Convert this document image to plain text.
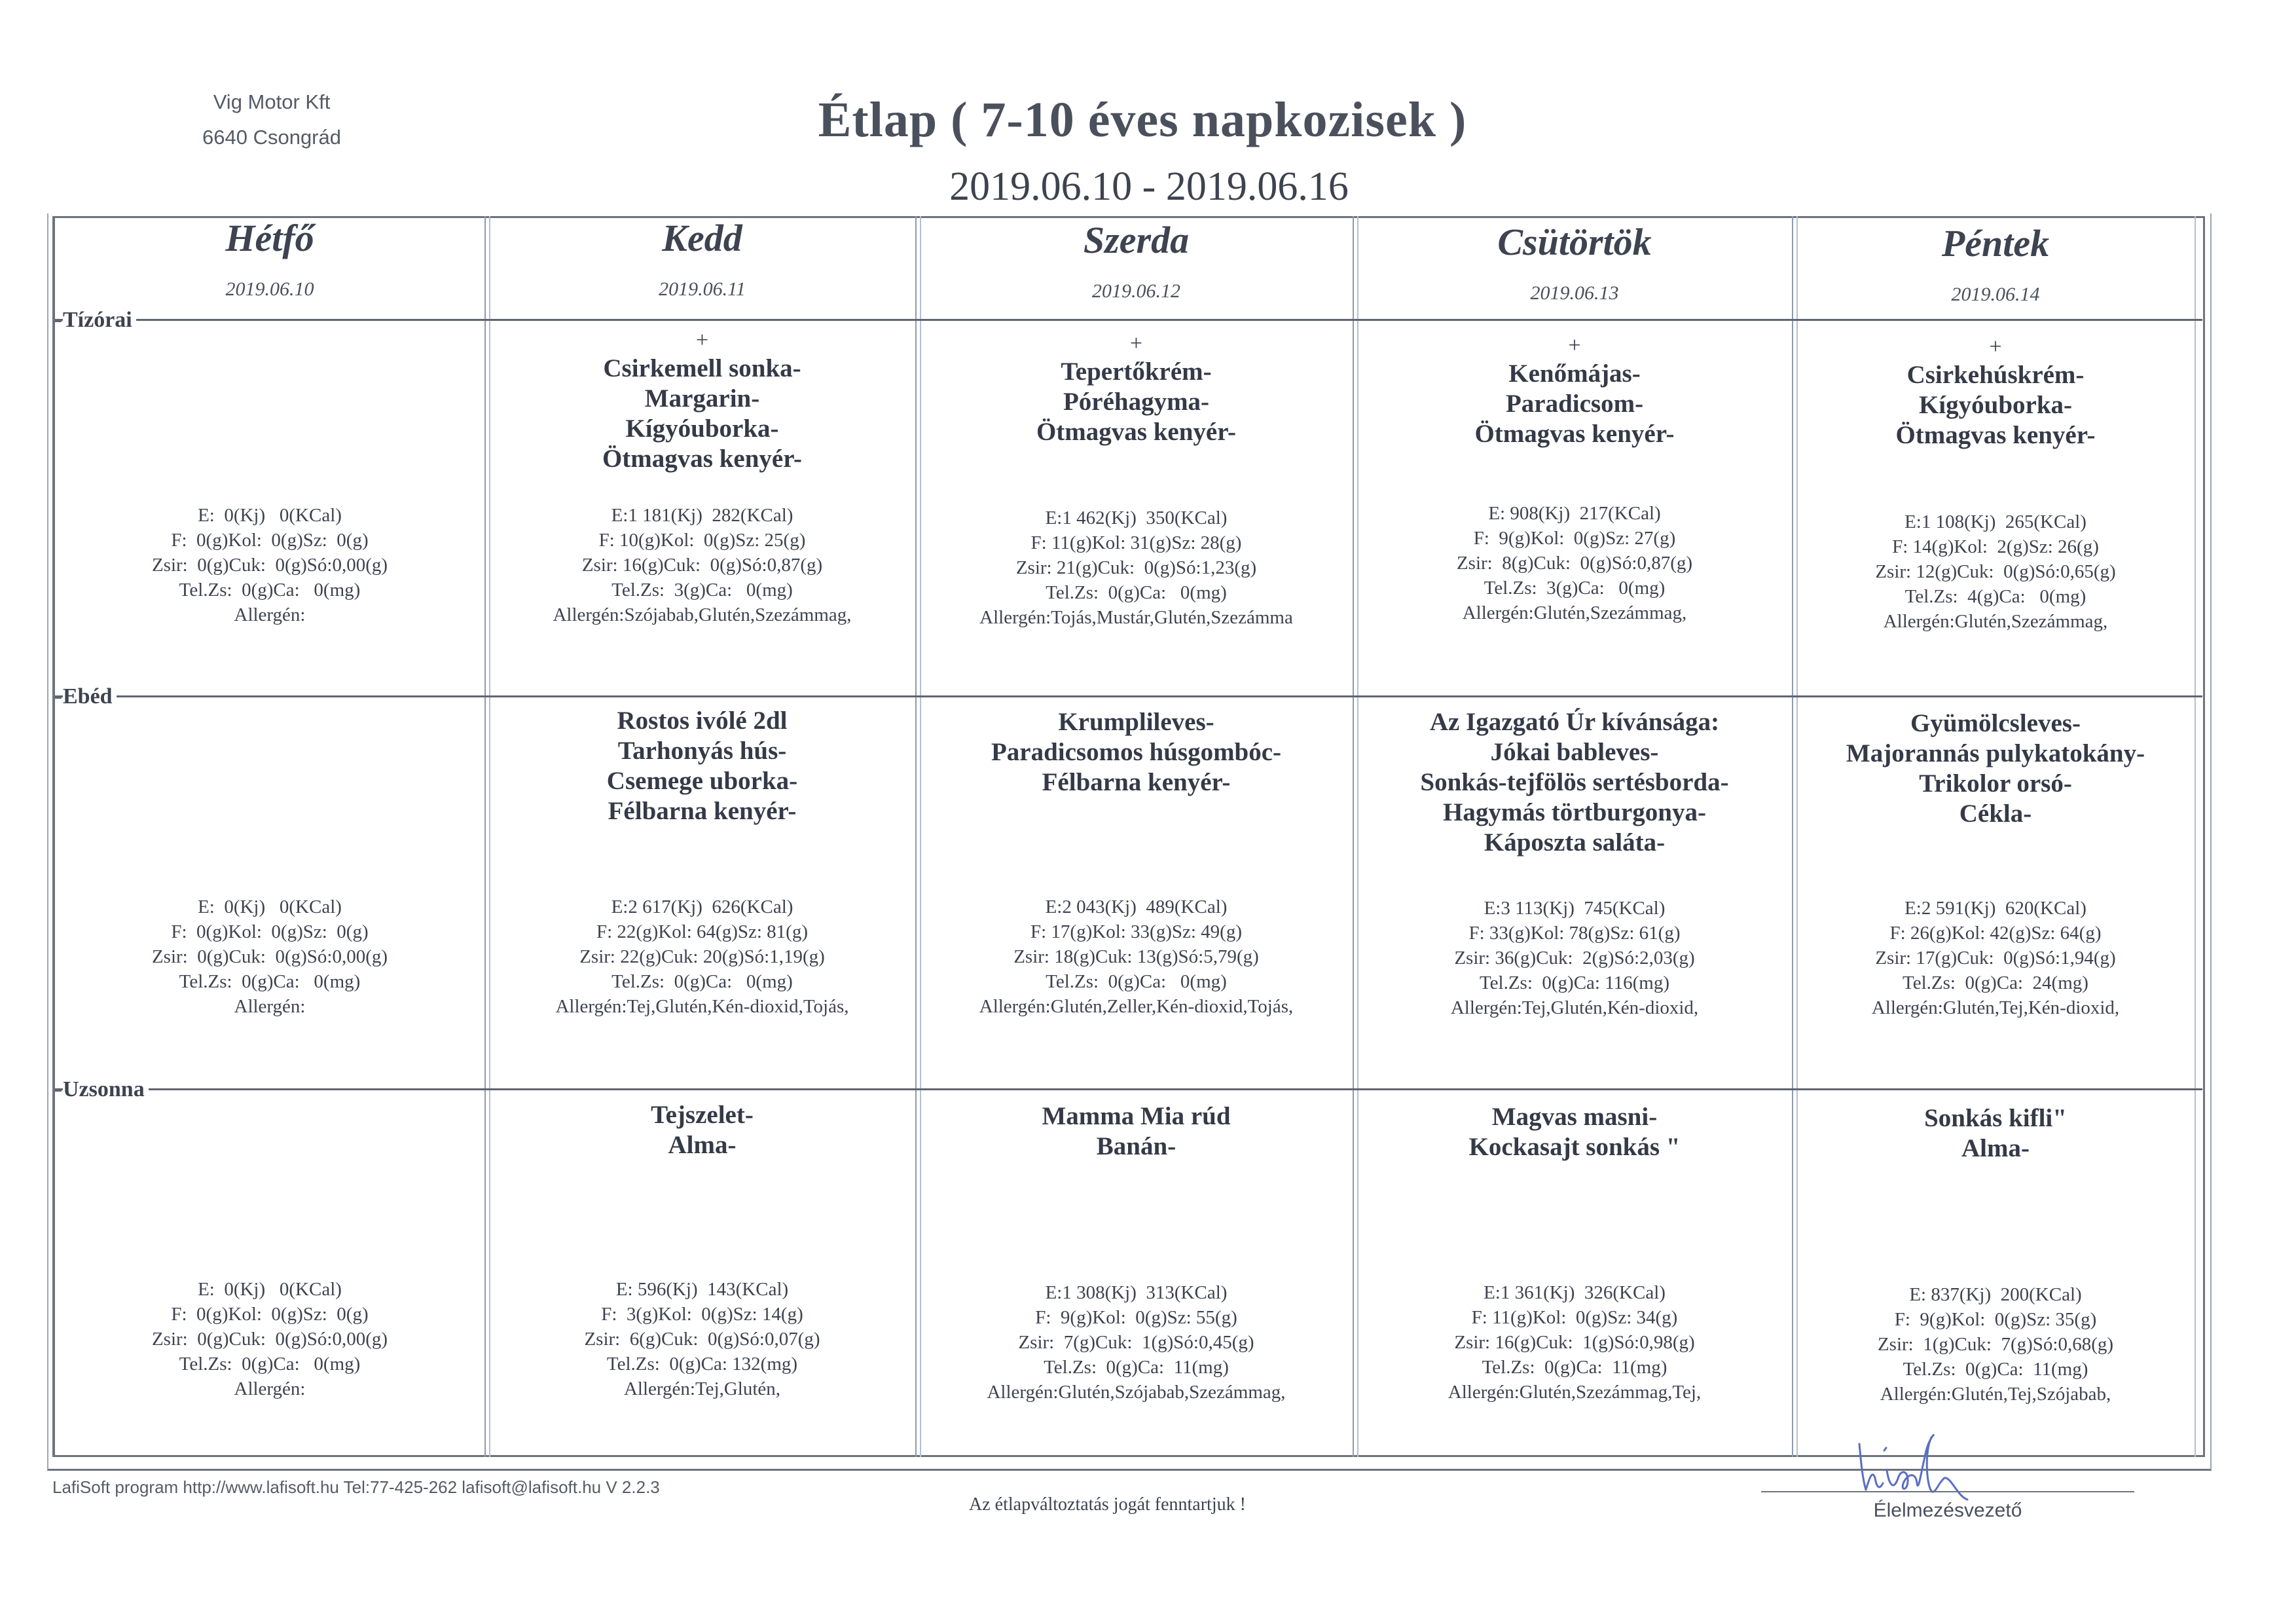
Vig Motor Kft
6640 Csongrád	Étlap ( 7-10 éves napkozisek )
2019.06.10 - 2019.06.16
Hétfő
2019.06.10
Kedd
2019.06.11
Szerda
2019.06.12
Csütörtök
2019.06.13
Péntek
2019.06.14
Tízórai
Ebéd
Uzsonna
+
Csirkemell sonka-
Margarin-
Kígyóuborka-
Ötmagvas kenyér-
+
Tepertőkrém-
Póréhagyma-
Ötmagvas kenyér-
+
Kenőmájas-
Paradicsom-
Ötmagvas kenyér-
+
Csirkehúskrém-
Kígyóuborka-
Ötmagvas kenyér-
E:  0(Kj)   0(KCal)
F:  0(g)Kol:  0(g)Sz:  0(g)
Zsir:  0(g)Cuk:  0(g)Só:0,00(g)
Tel.Zs:  0(g)Ca:   0(mg)
Allergén:
E:1 181(Kj)  282(KCal)
F: 10(g)Kol:  0(g)Sz: 25(g)
Zsir: 16(g)Cuk:  0(g)Só:0,87(g)
Tel.Zs:  3(g)Ca:   0(mg)
Allergén:Szójabab,Glutén,Szezámmag,
E:1 462(Kj)  350(KCal)
F: 11(g)Kol: 31(g)Sz: 28(g)
Zsir: 21(g)Cuk:  0(g)Só:1,23(g)
Tel.Zs:  0(g)Ca:   0(mg)
Allergén:Tojás,Mustár,Glutén,Szezámma
E: 908(Kj)  217(KCal)
F:  9(g)Kol:  0(g)Sz: 27(g)
Zsir:  8(g)Cuk:  0(g)Só:0,87(g)
Tel.Zs:  3(g)Ca:   0(mg)
Allergén:Glutén,Szezámmag,
E:1 108(Kj)  265(KCal)
F: 14(g)Kol:  2(g)Sz: 26(g)
Zsir: 12(g)Cuk:  0(g)Só:0,65(g)
Tel.Zs:  4(g)Ca:   0(mg)
Allergén:Glutén,Szezámmag,
Rostos ivólé 2dl
Tarhonyás hús-
Csemege uborka-
Félbarna kenyér-
Krumplileves-
Paradicsomos húsgombóc-
Félbarna kenyér-
Az Igazgató Úr kívánsága:
Jókai bableves-
Sonkás-tejfölös sertésborda-
Hagymás törtburgonya-
Káposzta saláta-
Gyümölcsleves-
Majorannás pulykatokány-
Trikolor orsó-
Cékla-
E:  0(Kj)   0(KCal)
F:  0(g)Kol:  0(g)Sz:  0(g)
Zsir:  0(g)Cuk:  0(g)Só:0,00(g)
Tel.Zs:  0(g)Ca:   0(mg)
Allergén:
E:2 617(Kj)  626(KCal)
F: 22(g)Kol: 64(g)Sz: 81(g)
Zsir: 22(g)Cuk: 20(g)Só:1,19(g)
Tel.Zs:  0(g)Ca:   0(mg)
Allergén:Tej,Glutén,Kén-dioxid,Tojás,
E:2 043(Kj)  489(KCal)
F: 17(g)Kol: 33(g)Sz: 49(g)
Zsir: 18(g)Cuk: 13(g)Só:5,79(g)
Tel.Zs:  0(g)Ca:   0(mg)
Allergén:Glutén,Zeller,Kén-dioxid,Tojás,
E:3 113(Kj)  745(KCal)
F: 33(g)Kol: 78(g)Sz: 61(g)
Zsir: 36(g)Cuk:  2(g)Só:2,03(g)
Tel.Zs:  0(g)Ca: 116(mg)
Allergén:Tej,Glutén,Kén-dioxid,
E:2 591(Kj)  620(KCal)
F: 26(g)Kol: 42(g)Sz: 64(g)
Zsir: 17(g)Cuk:  0(g)Só:1,94(g)
Tel.Zs:  0(g)Ca:  24(mg)
Allergén:Glutén,Tej,Kén-dioxid,
Tejszelet-
Alma-
Mamma Mia rúd
Banán-
Magvas masni-
Kockasajt sonkás "
Sonkás kifli"
Alma-
E:  0(Kj)   0(KCal)
F:  0(g)Kol:  0(g)Sz:  0(g)
Zsir:  0(g)Cuk:  0(g)Só:0,00(g)
Tel.Zs:  0(g)Ca:   0(mg)
Allergén:
E: 596(Kj)  143(KCal)
F:  3(g)Kol:  0(g)Sz: 14(g)
Zsir:  6(g)Cuk:  0(g)Só:0,07(g)
Tel.Zs:  0(g)Ca: 132(mg)
Allergén:Tej,Glutén,
E:1 308(Kj)  313(KCal)
F:  9(g)Kol:  0(g)Sz: 55(g)
Zsir:  7(g)Cuk:  1(g)Só:0,45(g)
Tel.Zs:  0(g)Ca:  11(mg)
Allergén:Glutén,Szójabab,Szezámmag,
E:1 361(Kj)  326(KCal)
F: 11(g)Kol:  0(g)Sz: 34(g)
Zsir: 16(g)Cuk:  1(g)Só:0,98(g)
Tel.Zs:  0(g)Ca:  11(mg)
Allergén:Glutén,Szezámmag,Tej,
E: 837(Kj)  200(KCal)
F:  9(g)Kol:  0(g)Sz: 35(g)
Zsir:  1(g)Cuk:  7(g)Só:0,68(g)
Tel.Zs:  0(g)Ca:  11(mg)
Allergén:Glutén,Tej,Szójabab,
LafiSoft program http://www.lafisoft.hu Tel:77-425-262 lafisoft@lafisoft.hu V 2.2.3
Az étlapváltoztatás jogát fenntartjuk !	Élelmezésvezető
